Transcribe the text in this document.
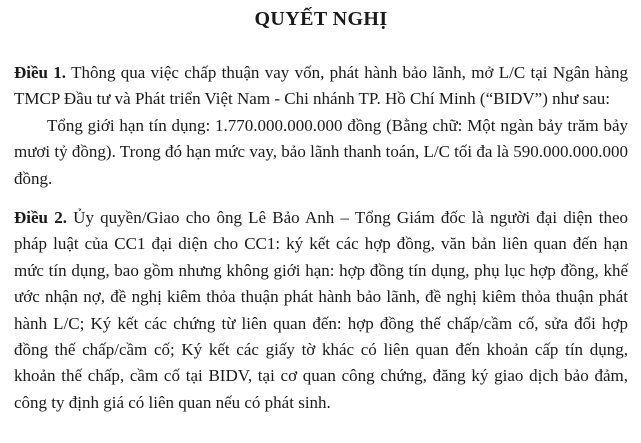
QUYẾT NGHỊ

Điều 1. Thông qua việc chấp thuận vay vốn, phát hành bảo lãnh, mở L/C tại Ngân hàng TMCP Đầu tư và Phát triển Việt Nam - Chi nhánh TP. Hồ Chí Minh (“BIDV”) như sau:

Tổng giới hạn tín dụng: 1.770.000.000.000 đồng (Bằng chữ: Một ngàn bảy trăm bảy mươi tỷ đồng). Trong đó hạn mức vay, bảo lãnh thanh toán, L/C tối đa là 590.000.000.000 đồng.

Điều 2. Ủy quyền/Giao cho ông Lê Bảo Anh – Tổng Giám đốc là người đại diện theo pháp luật của CC1 đại diện cho CC1: ký kết các hợp đồng, văn bản liên quan đến hạn mức tín dụng, bao gồm nhưng không giới hạn: hợp đồng tín dụng, phụ lục hợp đồng, khế ước nhận nợ, đề nghị kiêm thỏa thuận phát hành bảo lãnh, đề nghị kiêm thỏa thuận phát hành L/C; Ký kết các chứng từ liên quan đến: hợp đồng thế chấp/cầm cố, sửa đổi hợp đồng thế chấp/cầm cố; Ký kết các giấy tờ khác có liên quan đến khoản cấp tín dụng, khoản thế chấp, cầm cố tại BIDV, tại cơ quan công chứng, đăng ký giao dịch bảo đảm, công ty định giá có liên quan nếu có phát sinh.
